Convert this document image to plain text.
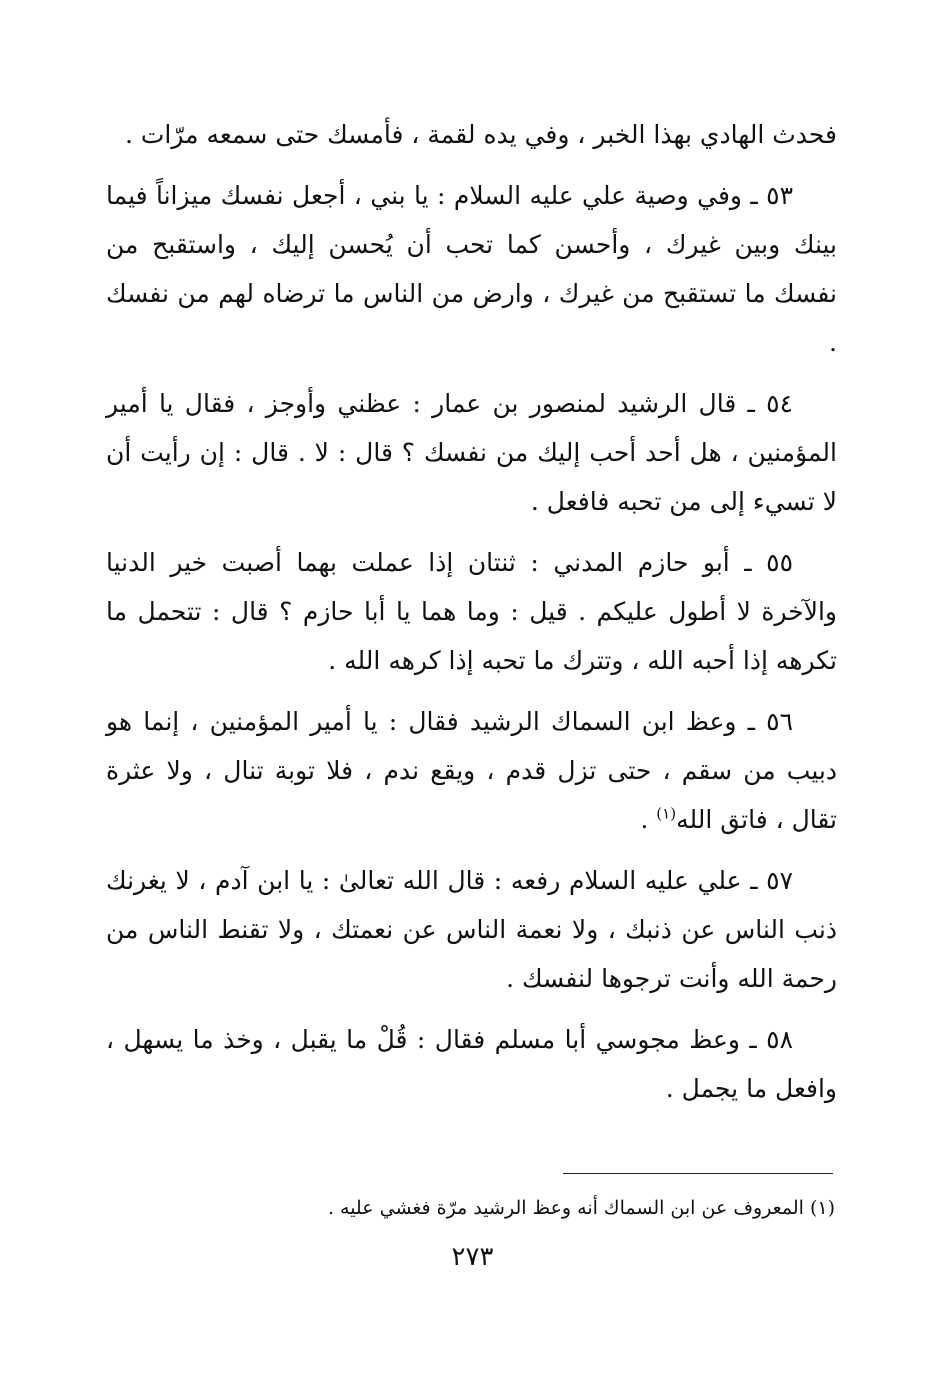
فحدث الهادي بهذا الخبر ، وفي يده لقمة ، فأمسك حتى سمعه مرّات .

٥٣ ـ وفي وصية علي عليه السلام : يا بني ، أجعل نفسك ميزاناً فيما بينك وبين غيرك ، وأحسن كما تحب أن يُحسن إليك ، واستقبح من نفسك ما تستقبح من غيرك ، وارض من الناس ما ترضاه لهم من نفسك .

٥٤ ـ قال الرشيد لمنصور بن عمار : عظني وأوجز ، فقال يا أمير المؤمنين ، هل أحد أحب إليك من نفسك ؟ قال : لا . قال : إن رأيت أن لا تسيء إلى من تحبه فافعل .

٥٥ ـ أبو حازم المدني : ثنتان إذا عملت بهما أصبت خير الدنيا والآخرة لا أطول عليكم . قيل : وما هما يا أبا حازم ؟ قال : تتحمل ما تكرهه إذا أحبه الله ، وتترك ما تحبه إذا كرهه الله .

٥٦ ـ وعظ ابن السماك الرشيد فقال : يا أمير المؤمنين ، إنما هو دبيب من سقم ، حتى تزل قدم ، ويقع ندم ، فلا توبة تنال ، ولا عثرة تقال ، فاتق الله$^{(١)}$ .

٥٧ ـ علي عليه السلام رفعه : قال الله تعالىٰ : يا ابن آدم ، لا يغرنك ذنب الناس عن ذنبك ، ولا نعمة الناس عن نعمتك ، ولا تقنط الناس من رحمة الله وأنت ترجوها لنفسك .

٥٨ ـ وعظ مجوسي أبا مسلم فقال : قُلْ ما يقبل ، وخذ ما يسهل ، وافعل ما يجمل .

(١) المعروف عن ابن السماك أنه وعظ الرشيد مرّة فغشي عليه .
٢٧٣
